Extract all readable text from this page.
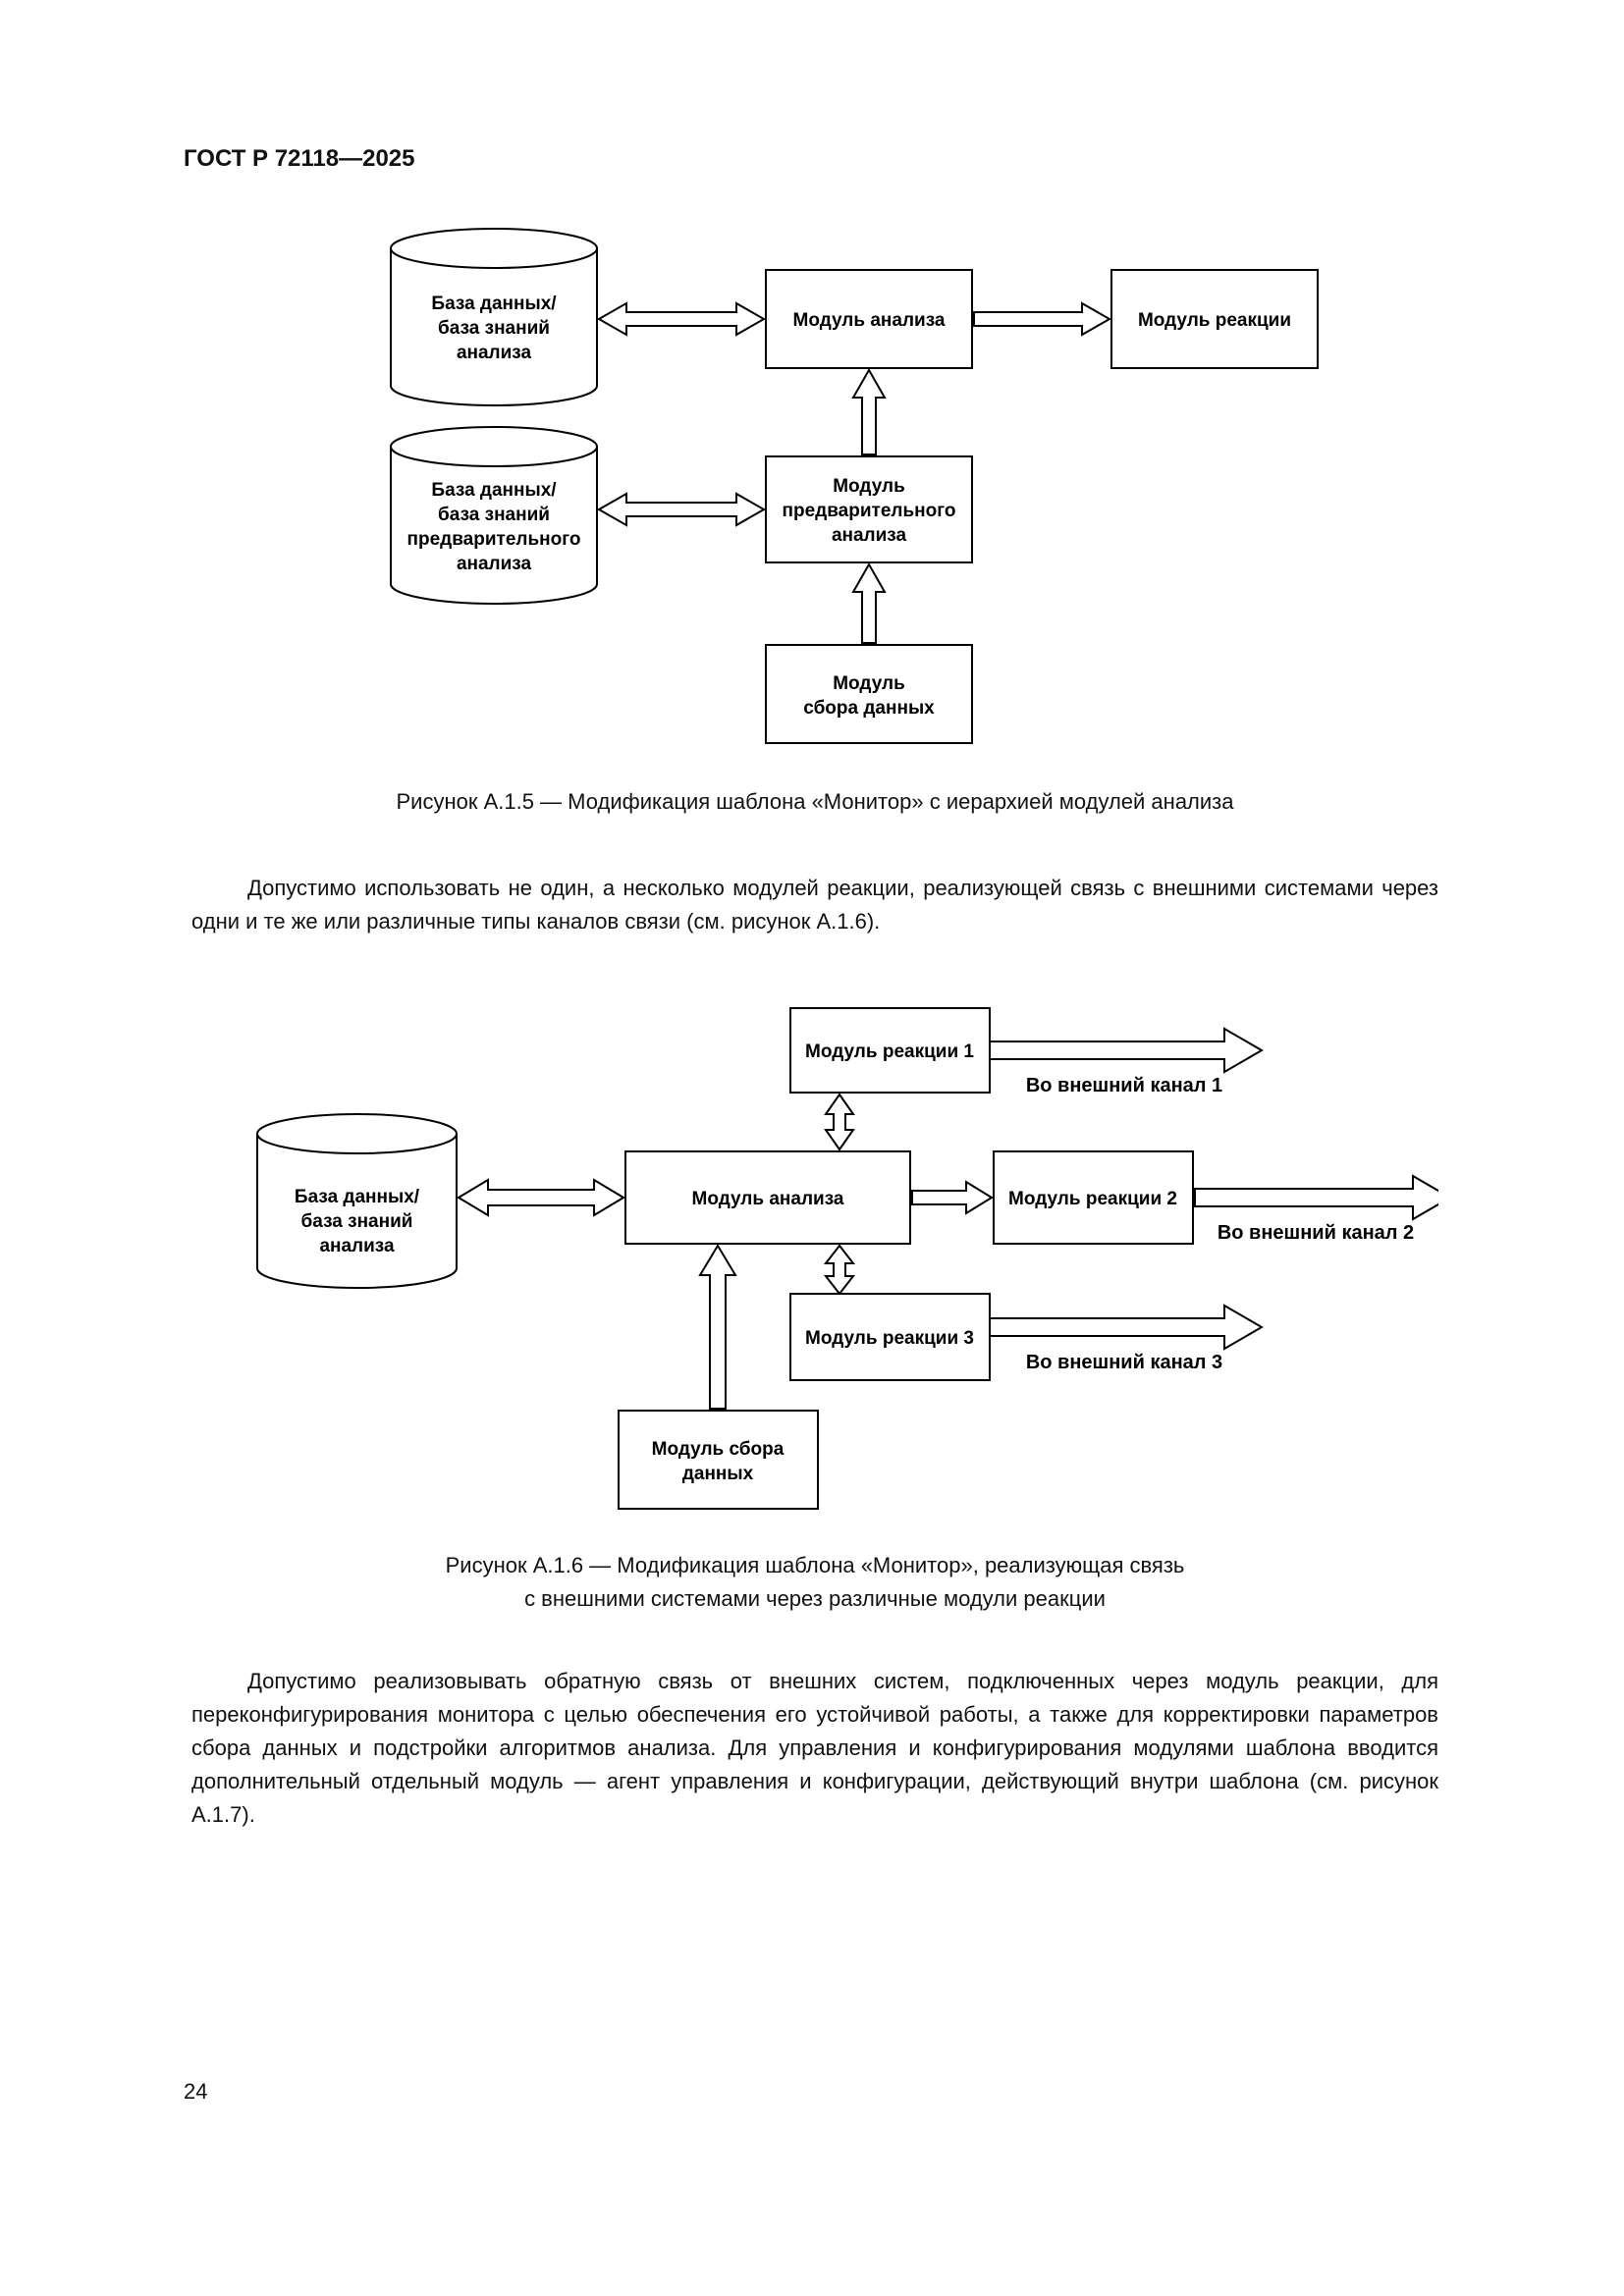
ГОСТ Р 72118—2025
База данных/
база знаний
анализа
Модуль анализа	Модуль реакции
База данных/
база знаний
предварительного
анализа
Модуль
предварительного
анализа
Модуль
сбора данных
Рисунок А.1.5 — Модификация шаблона «Монитор» с иерархией модулей анализа
Допустимо использовать не один, а несколько модулей реакции, реализующей связь с внешними системами через одни и те же или различные типы каналов связи (см. рисунок А.1.6).
Во внешний канал 1
Во внешний канал 2
Во внешний канал 3
База данных/
база знаний
анализа
Модуль реакции 1
Модуль анализа	Модуль реакции 2
Модуль реакции 3
Модуль сбора
данных
Рисунок А.1.6 — Модификация шаблона «Монитор», реализующая связь
с внешними системами через различные модули реакции
Допустимо реализовывать обратную связь от внешних систем, подключенных через модуль реакции, для переконфигурирования монитора с целью обеспечения его устойчивой работы, а также для корректировки параметров сбора данных и подстройки алгоритмов анализа. Для управления и конфигурирования модулями шаблона вводится дополнительный отдельный модуль — агент управления и конфигурации, действующий внутри шаблона (см. рисунок А.1.7).
24
